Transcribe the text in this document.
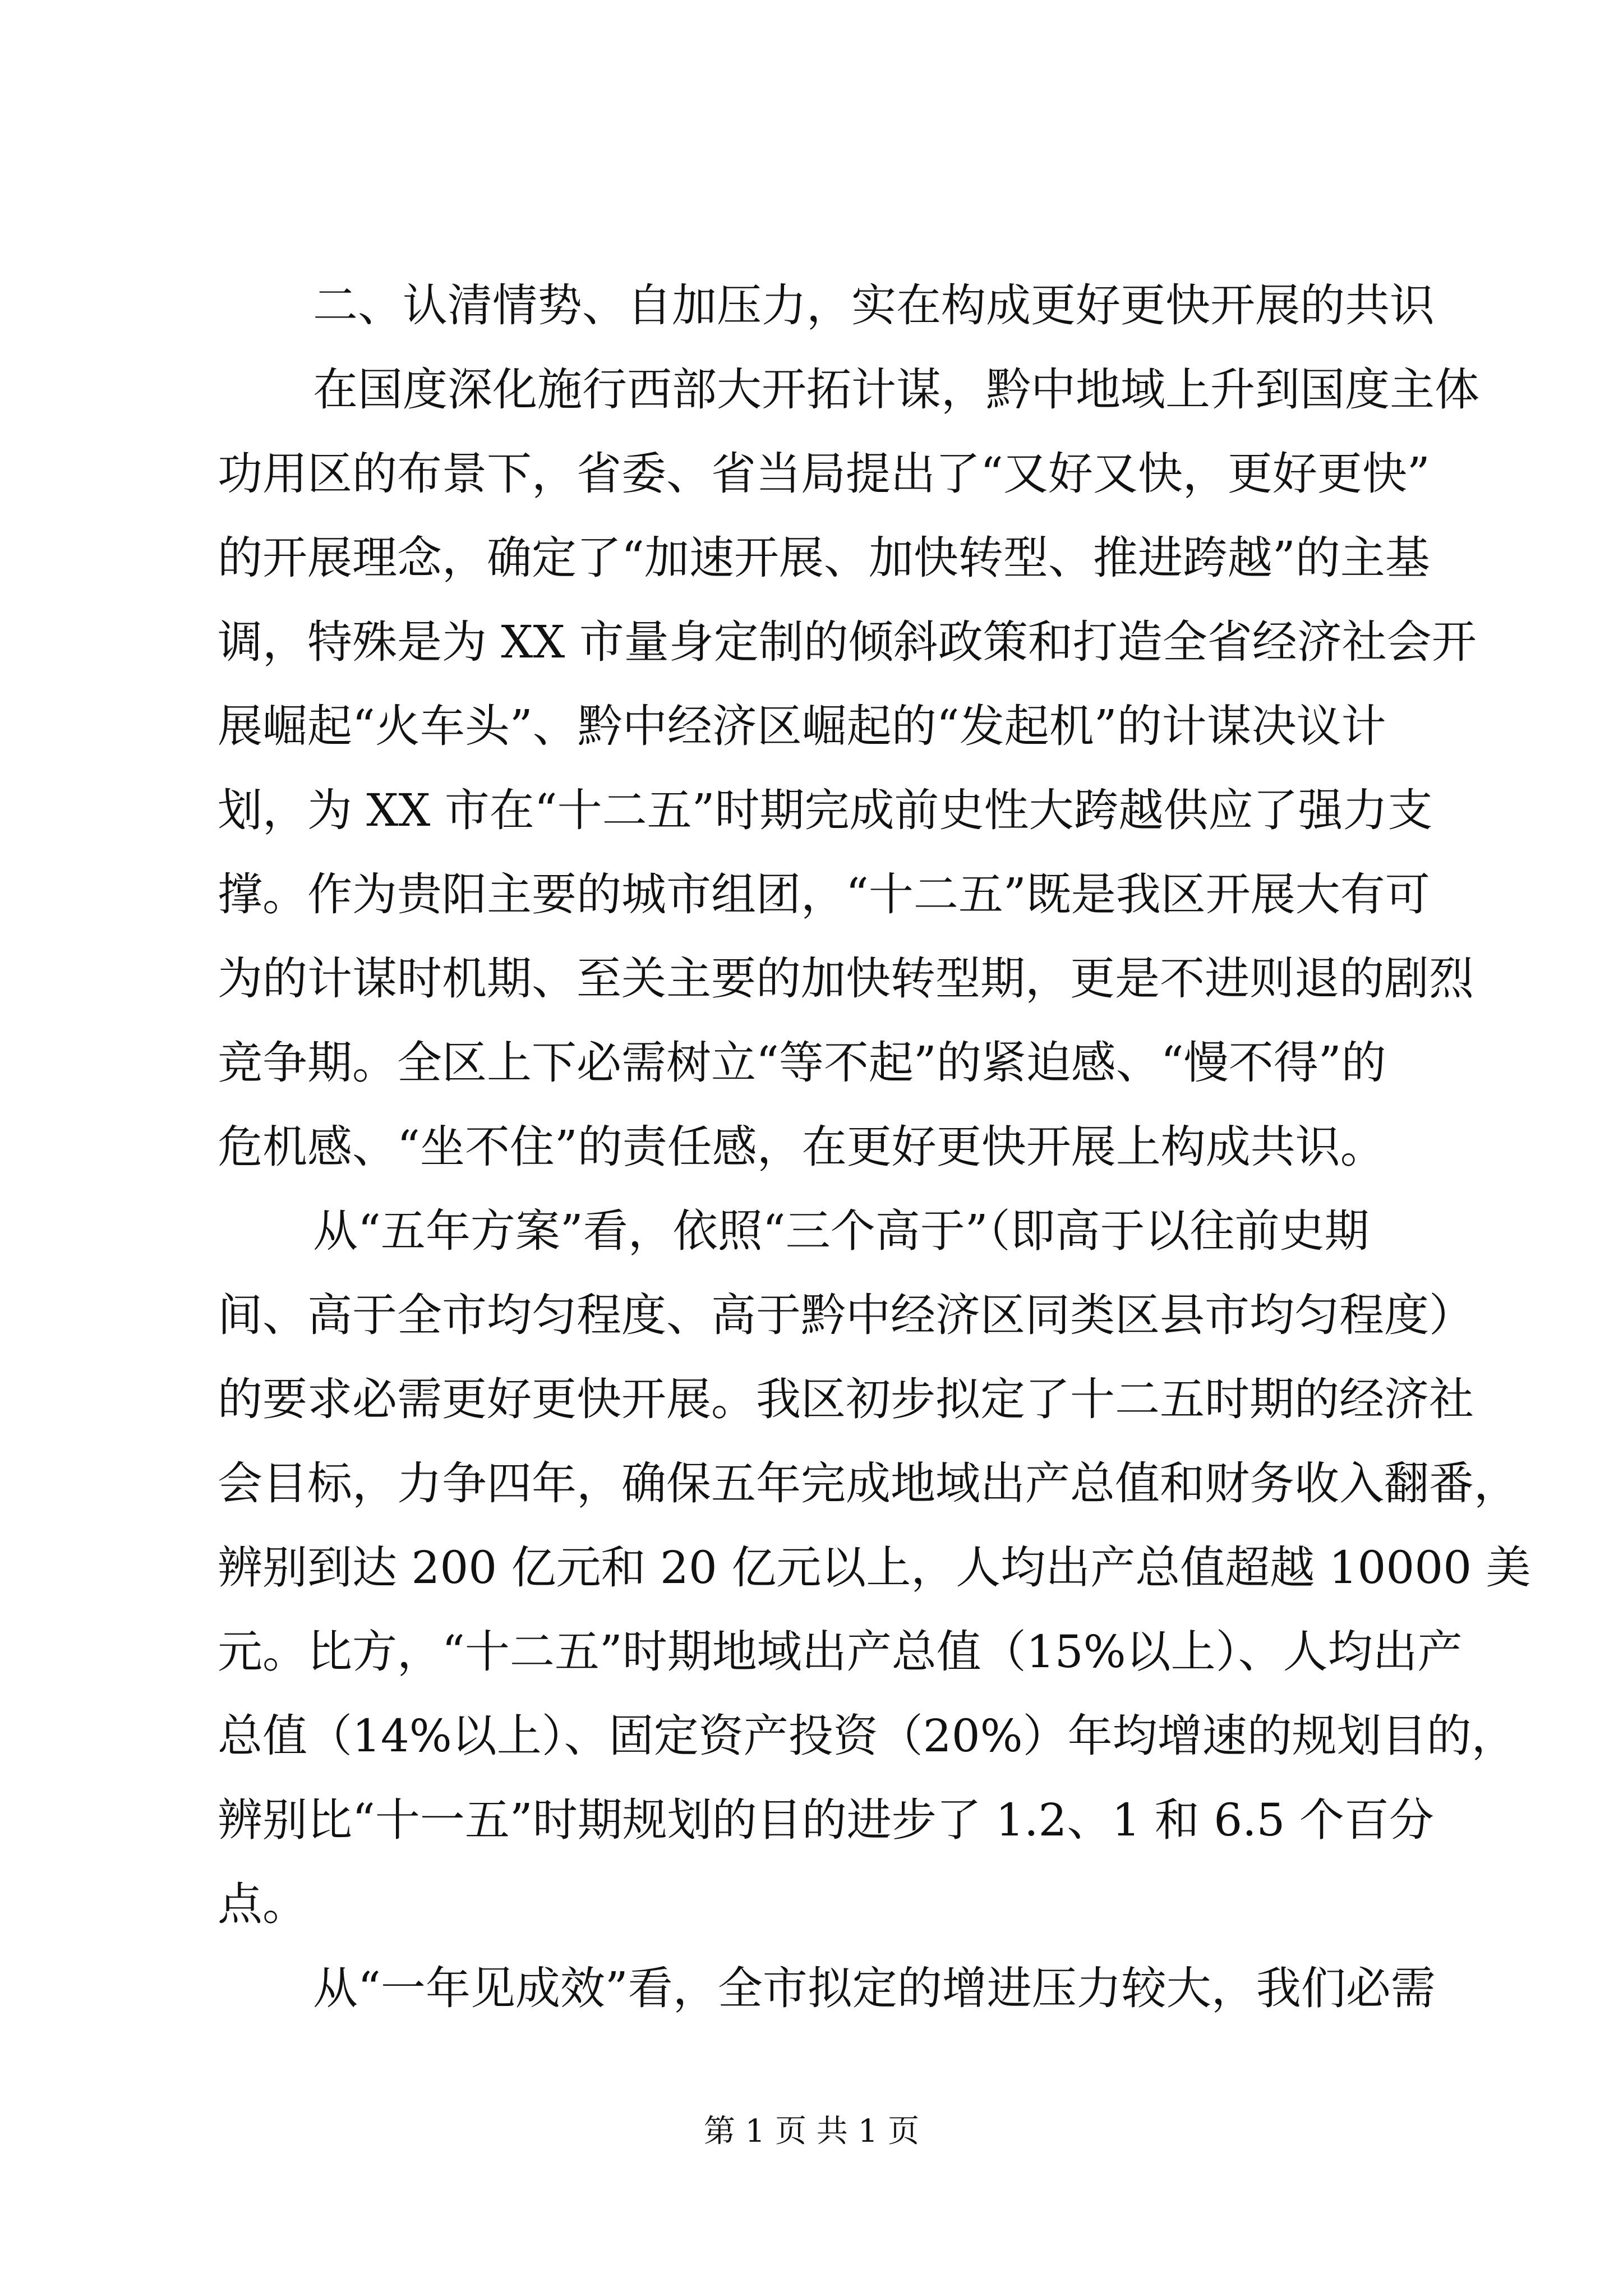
二、认清情势、自加压力，实在构成更好更快开展的共识
在国度深化施行西部大开拓计谋，黔中地域上升到国度主体
功用区的布景下，省委、省当局提出了“又好又快，更好更快”
的开展理念，确定了“加速开展、加快转型、推进跨越”的主基
调，特殊是为 XX 市量身定制的倾斜政策和打造全省经济社会开
展崛起“火车头”、黔中经济区崛起的“发起机”的计谋决议计
划，为 XX 市在“十二五”时期完成前史性大跨越供应了强力支
撑。作为贵阳主要的城市组团，“十二五”既是我区开展大有可
为的计谋时机期、至关主要的加快转型期，更是不进则退的剧烈
竞争期。全区上下必需树立“等不起”的紧迫感、“慢不得”的
危机感、“坐不住”的责任感，在更好更快开展上构成共识。
从“五年方案”看，依照“三个高于”（即高于以往前史期
间、高于全市均匀程度、高于黔中经济区同类区县市均匀程度）
的要求必需更好更快开展。我区初步拟定了十二五时期的经济社
会目标，力争四年，确保五年完成地域出产总值和财务收入翻番，
辨别到达 200 亿元和 20 亿元以上，人均出产总值超越 10000 美
元。比方，“十二五”时期地域出产总值（15%以上）、人均出产
总值（14%以上）、固定资产投资（20%）年均增速的规划目的，
辨别比“十一五”时期规划的目的进步了 1.2、1 和 6.5 个百分
点。
从“一年见成效”看，全市拟定的增进压力较大，我们必需
第 1 页 共 1 页
